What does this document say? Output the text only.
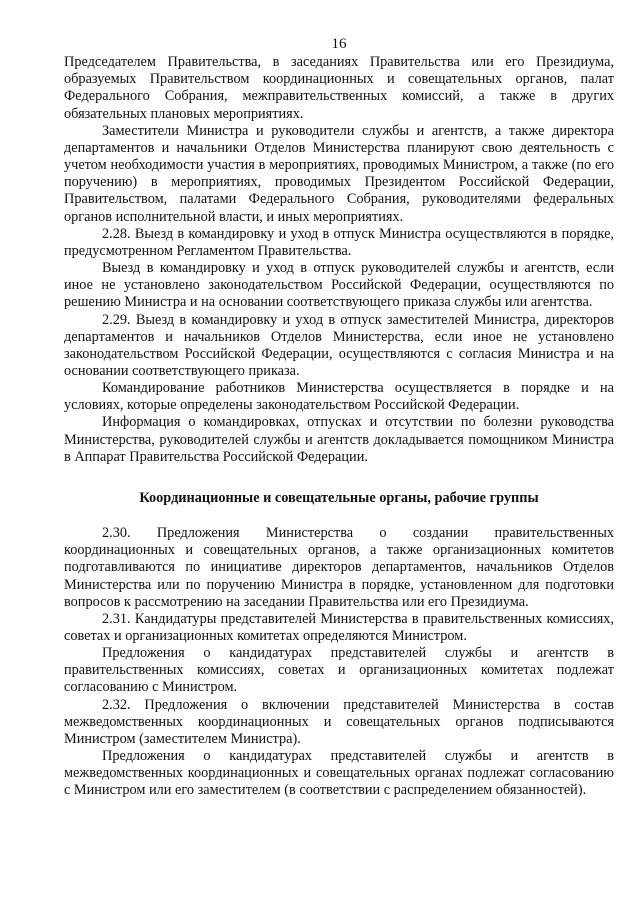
16

Председателем Правительства, в заседаниях Правительства или его Президиума, образуемых Правительством координационных и совещательных органов, палат Федерального Собрания, межправительственных комиссий, а также в других обязательных плановых мероприятиях.

Заместители Министра и руководители службы и агентств, а также директора департаментов и начальники Отделов Министерства планируют свою деятельность с учетом необходимости участия в мероприятиях, проводимых Министром, а также (по его поручению) в мероприятиях, проводимых Президентом Российской Федерации, Правительством, палатами Федерального Собрания, руководителями федеральных органов исполнительной власти, и иных мероприятиях.

2.28. Выезд в командировку и уход в отпуск Министра осуществляются в порядке, предусмотренном Регламентом Правительства.

Выезд в командировку и уход в отпуск руководителей службы и агентств, если иное не установлено законодательством Российской Федерации, осуществляются по решению Министра и на основании соответствующего приказа службы или агентства.

2.29. Выезд в командировку и уход в отпуск заместителей Министра, директоров департаментов и начальников Отделов Министерства, если иное не установлено законодательством Российской Федерации, осуществляются с согласия Министра и на основании соответствующего приказа.

Командирование работников Министерства осуществляется в порядке и на условиях, которые определены законодательством Российской Федерации.

Информация о командировках, отпусках и отсутствии по болезни руководства Министерства, руководителей службы и агентств докладывается помощником Министра в Аппарат Правительства Российской Федерации.

Координационные и совещательные органы, рабочие группы

2.30. Предложения Министерства о создании правительственных координационных и совещательных органов, а также организационных комитетов подготавливаются по инициативе директоров департаментов, начальников Отделов Министерства или по поручению Министра в порядке, установленном для подготовки вопросов к рассмотрению на заседании Правительства или его Президиума.

2.31. Кандидатуры представителей Министерства в правительственных комиссиях, советах и организационных комитетах определяются Министром.

Предложения о кандидатурах представителей службы и агентств в правительственных комиссиях, советах и организационных комитетах подлежат согласованию с Министром.

2.32. Предложения о включении представителей Министерства в состав межведомственных координационных и совещательных органов подписываются Министром (заместителем Министра).

Предложения о кандидатурах представителей службы и агентств в межведомственных координационных и совещательных органах подлежат согласованию с Министром или его заместителем (в соответствии с распределением обязанностей).
